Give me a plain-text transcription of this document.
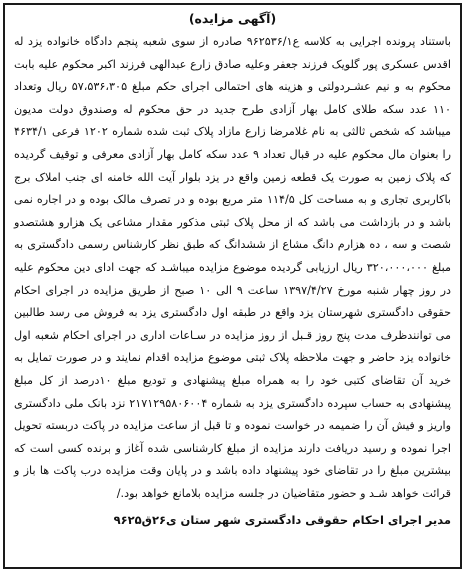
(آگهی مزایده)

باستناد پرونده اجرایی به کلاسه ع۹۶۲۵۳۶/۱ صادره از سوی شعبه پنجم دادگاه خانواده یزد له اقدس عسکری پور گلویک فرزند جعفر وعلیه صادق زارع عبدالهی فرزند اکبر محکوم علیه بابت محکوم به و نیم عشـردولتی و هزینه های احتمالی اجرای حکم مبلغ ۵۷،۵۳۶،۳۰۵ ریال وتعداد ۱۱۰ عدد سکه طلای کامل بهار آزادی طرح جدید در حق محکوم له وصندوق دولت مدیون میباشد که شخص ثالثی به نام غلامرضا زارع مازاد پلاک ثبت شده شماره ۱۲۰۲ فرعی ۴۶۳۴/۱ را بعنوان مال محکوم علیه در قبال تعداد ۹ عدد سکه کامل بهار آزادی معرفی و توقیف گردیده که پلاک زمین به صورت یک قطعه زمین واقع در یزد بلوار آیت الله خامنه ای جنب املاک برج باکاربری تجاری و به مساحت کل ۱۱۴/۵ متر مربع بوده و در تصرف مالک بوده و در اجاره نمی باشد و در بازداشت می باشد که از محل پلاک ثبتی مذکور مقدار مشاعی یک هزارو هشتصدو شصت و سه ، ده هزارم دانگ مشاع از ششدانگ که طبق نظر کارشناس رسمی دادگستری به مبلغ ۳۲۰،۰۰۰،۰۰۰ ریال ارزیابی گردیده موضوع مزایده میباشـد که جهت ادای دین محکوم علیه در روز چهار شنبه مورخ ۱۳۹۷/۴/۲۷ ساعت ۹ الی ۱۰ صبح از طریق مزایده در اجرای احکام حقوقی دادگستری شهرستان یزد واقع در طبقه اول دادگستری یزد به فروش می رسد طالبین می توانندظرف مدت پنج روز قـبل از روز مزایده در سـاعات اداری در اجرای احکام شعبه اول خانواده یزد حاضر و جهت ملاحظه پلاک ثبتی موضوع مزایده اقدام نمایند و در صورت تمایل به خرید آن تقاضای کتبی خود را به همراه مبلغ پیشنهادی و تودیع مبلغ ۱۰درصد از کل مبلغ پیشنهادی به حساب سپرده دادگستری یزد به شماره ۲۱۷۱۲۹۵۸۰۶۰۰۴ نزد بانک ملی دادگستری واریز و فیش آن را ضمیمه در خواست نموده و تا قبل از ساعت مزایده در پاکت دربسته تحویل اجرا نموده و رسید دریافت دارند مزایده از مبلغ کارشناسی شده آغاز و برنده کسی است که بیشترین مبلغ را در تقاضای خود پیشنهاد داده باشد و در پایان وقت مزایده درب پاکت ها باز و قرائت خواهد شـد و حضور متقاضیان در جلسه مزایده بلامانع خواهد بود./

مدیر اجرای احکام حقوقی دادگستری شهر ستان ی۲۶ق۹۶۲۵
